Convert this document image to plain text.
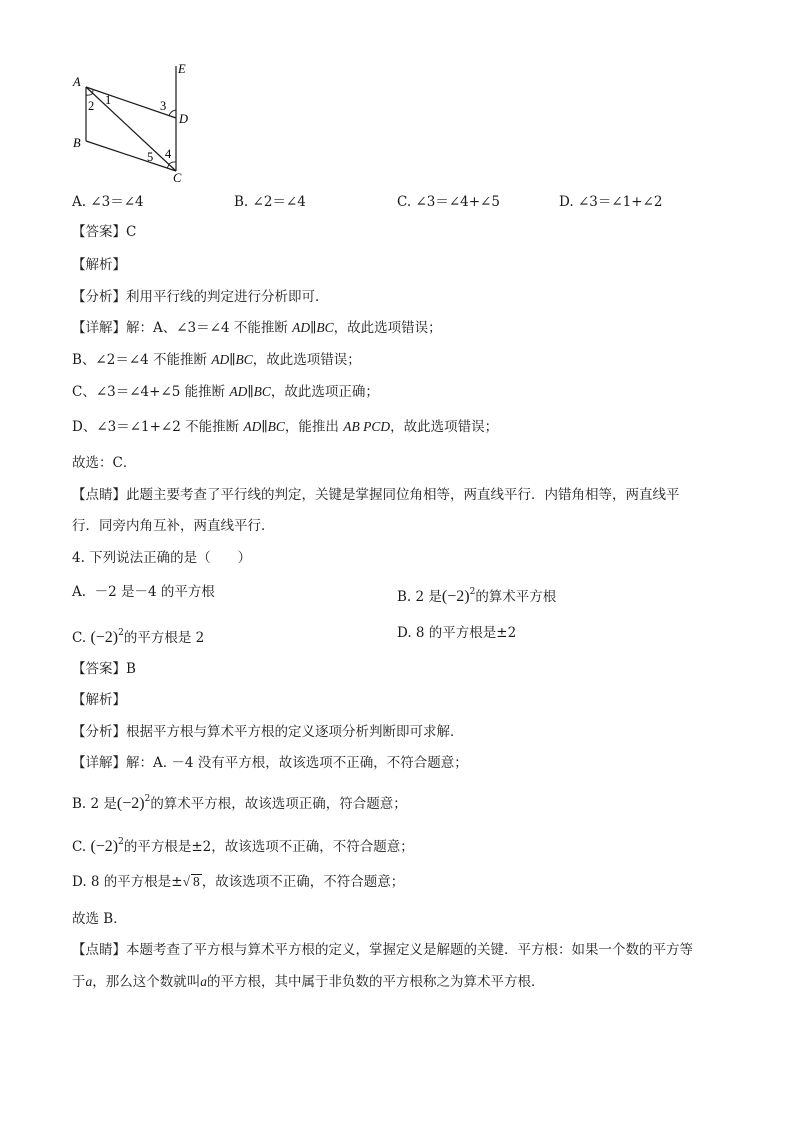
A
B
C
D
E
1
2	3
4
5
A. ∠3＝∠4	B. ∠2＝∠4	C. ∠3＝∠4+∠5	D. ∠3＝∠1+∠2
【答案】C
【解析】
【分析】利用平行线的判定进行分析即可．
【详解】解：A、∠3＝∠4 不能推断 AD∥BC，故此选项错误；
B、∠2＝∠4 不能推断 AD∥BC，故此选项错误；
C、∠3＝∠4+∠5 能推断 AD∥BC，故此选项正确；
D、∠3＝∠1+∠2 不能推断 AD∥BC，能推出 AB PCD，故此选项错误；
故选：C．
【点睛】此题主要考查了平行线的判定，关键是掌握同位角相等，两直线平行．内错角相等，两直线平
行．同旁内角互补，两直线平行．
4. 下列说法正确的是（　　）
A. －2 是－4 的平方根	B. 2 是$(-2)^2$的算术平方根
C. $(-2)^2$的平方根是 2	D. 8 的平方根是±2
【答案】B
【解析】
【分析】根据平方根与算术平方根的定义逐项分析判断即可求解．
【详解】解：A. －4 没有平方根，故该选项不正确，不符合题意；
B. 2 是$(-2)^2$的算术平方根，故该选项正确，符合题意；
C. $(-2)^2$的平方根是±2，故该选项不正确，不符合题意；
D. 8 的平方根是±√ 8 ，故该选项不正确，不符合题意；
故选 B．
【点睛】本题考查了平方根与算术平方根的定义，掌握定义是解题的关键．平方根：如果一个数的平方等
于a，那么这个数就叫a的平方根，其中属于非负数的平方根称之为算术平方根．
